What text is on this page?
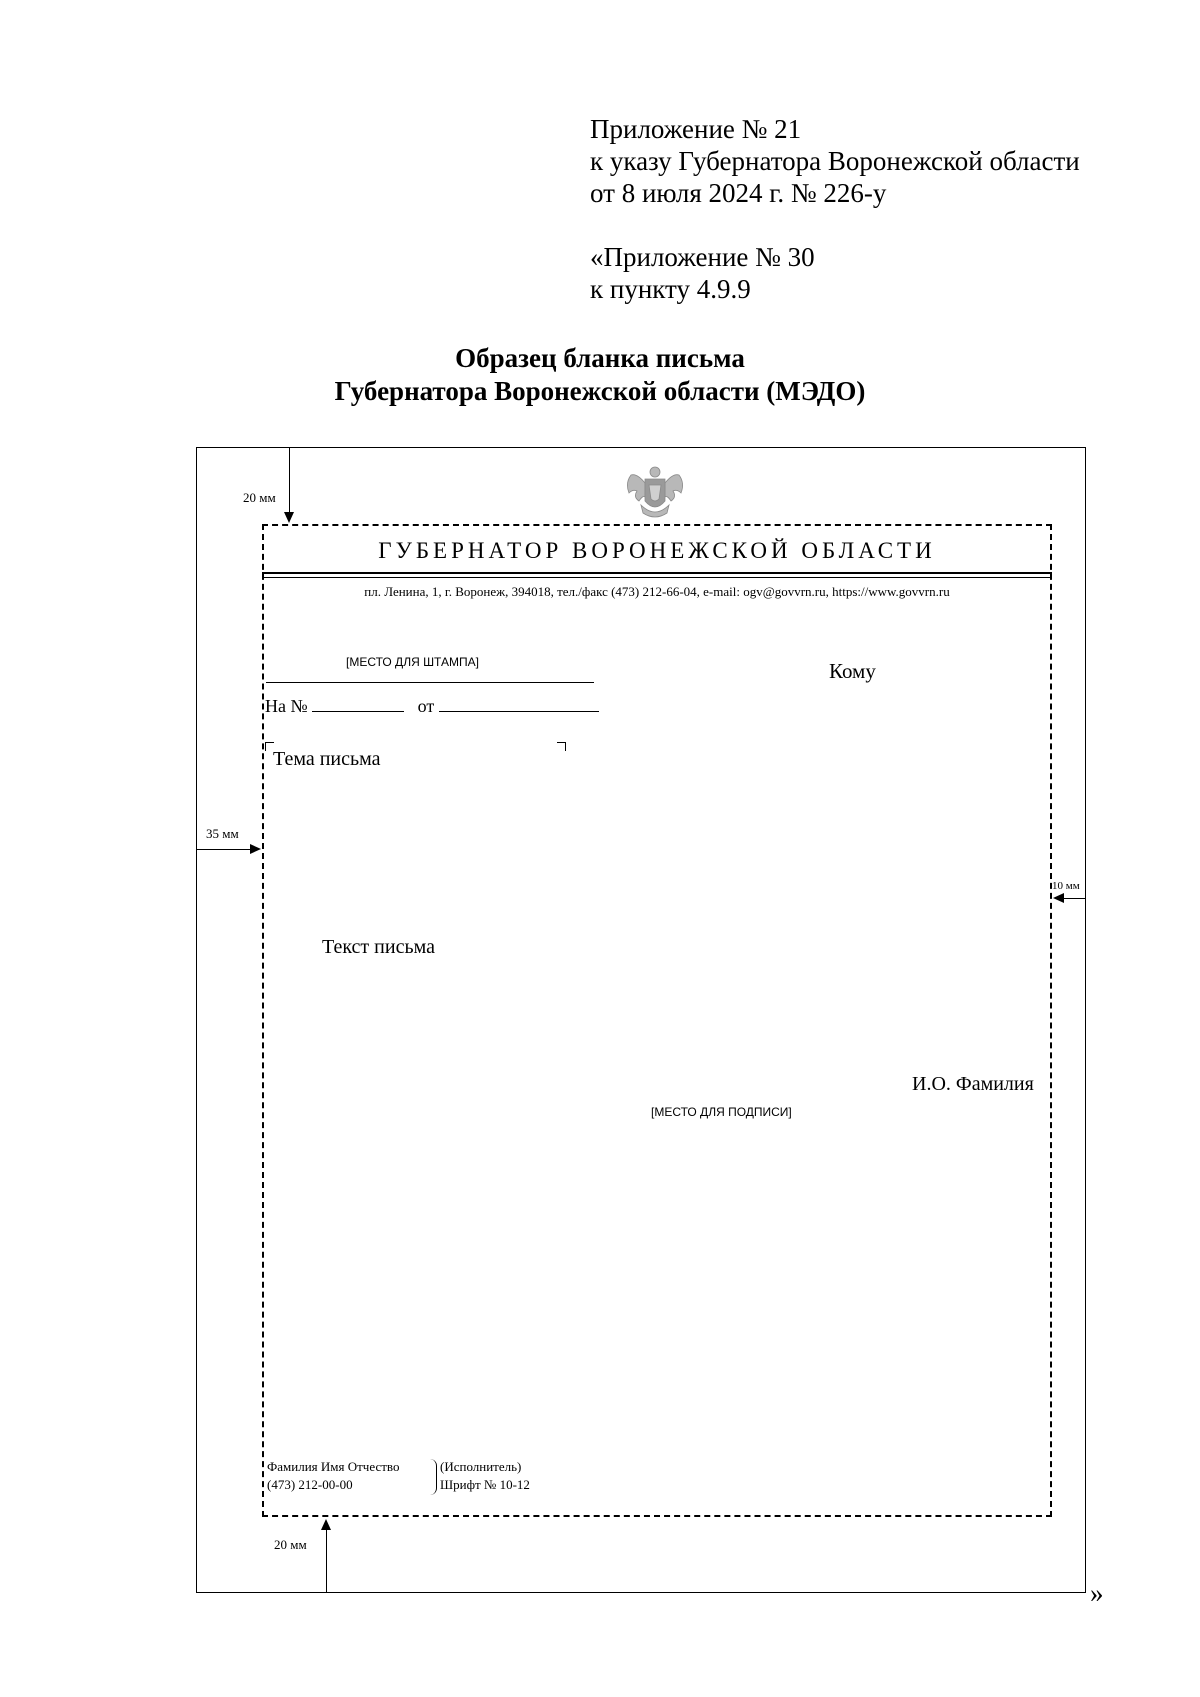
Приложение № 21
к указу Губернатора Воронежской области
от 8 июля 2024 г. № 226-у
«Приложение № 30
к пункту 4.9.9
Образец бланка письма
Губернатора Воронежской области (МЭДО)
20 мм
35 мм
10 мм
20 мм
ГУБЕРНАТОР ВОРОНЕЖСКОЙ ОБЛАСТИ
пл. Ленина, 1, г. Воронеж, 394018, тел./факс (473) 212-66-04, e-mail: ogv@govvrn.ru, https://www.govvrn.ru
[МЕСТО ДЛЯ ШТАМПА]
На №	от
Кому
Тема письма
Текст письма
И.О. Фамилия
[МЕСТО ДЛЯ ПОДПИСИ]
Фамилия Имя Отчество
(473) 212-00-00
(Исполнитель)
Шрифт № 10-12
»
